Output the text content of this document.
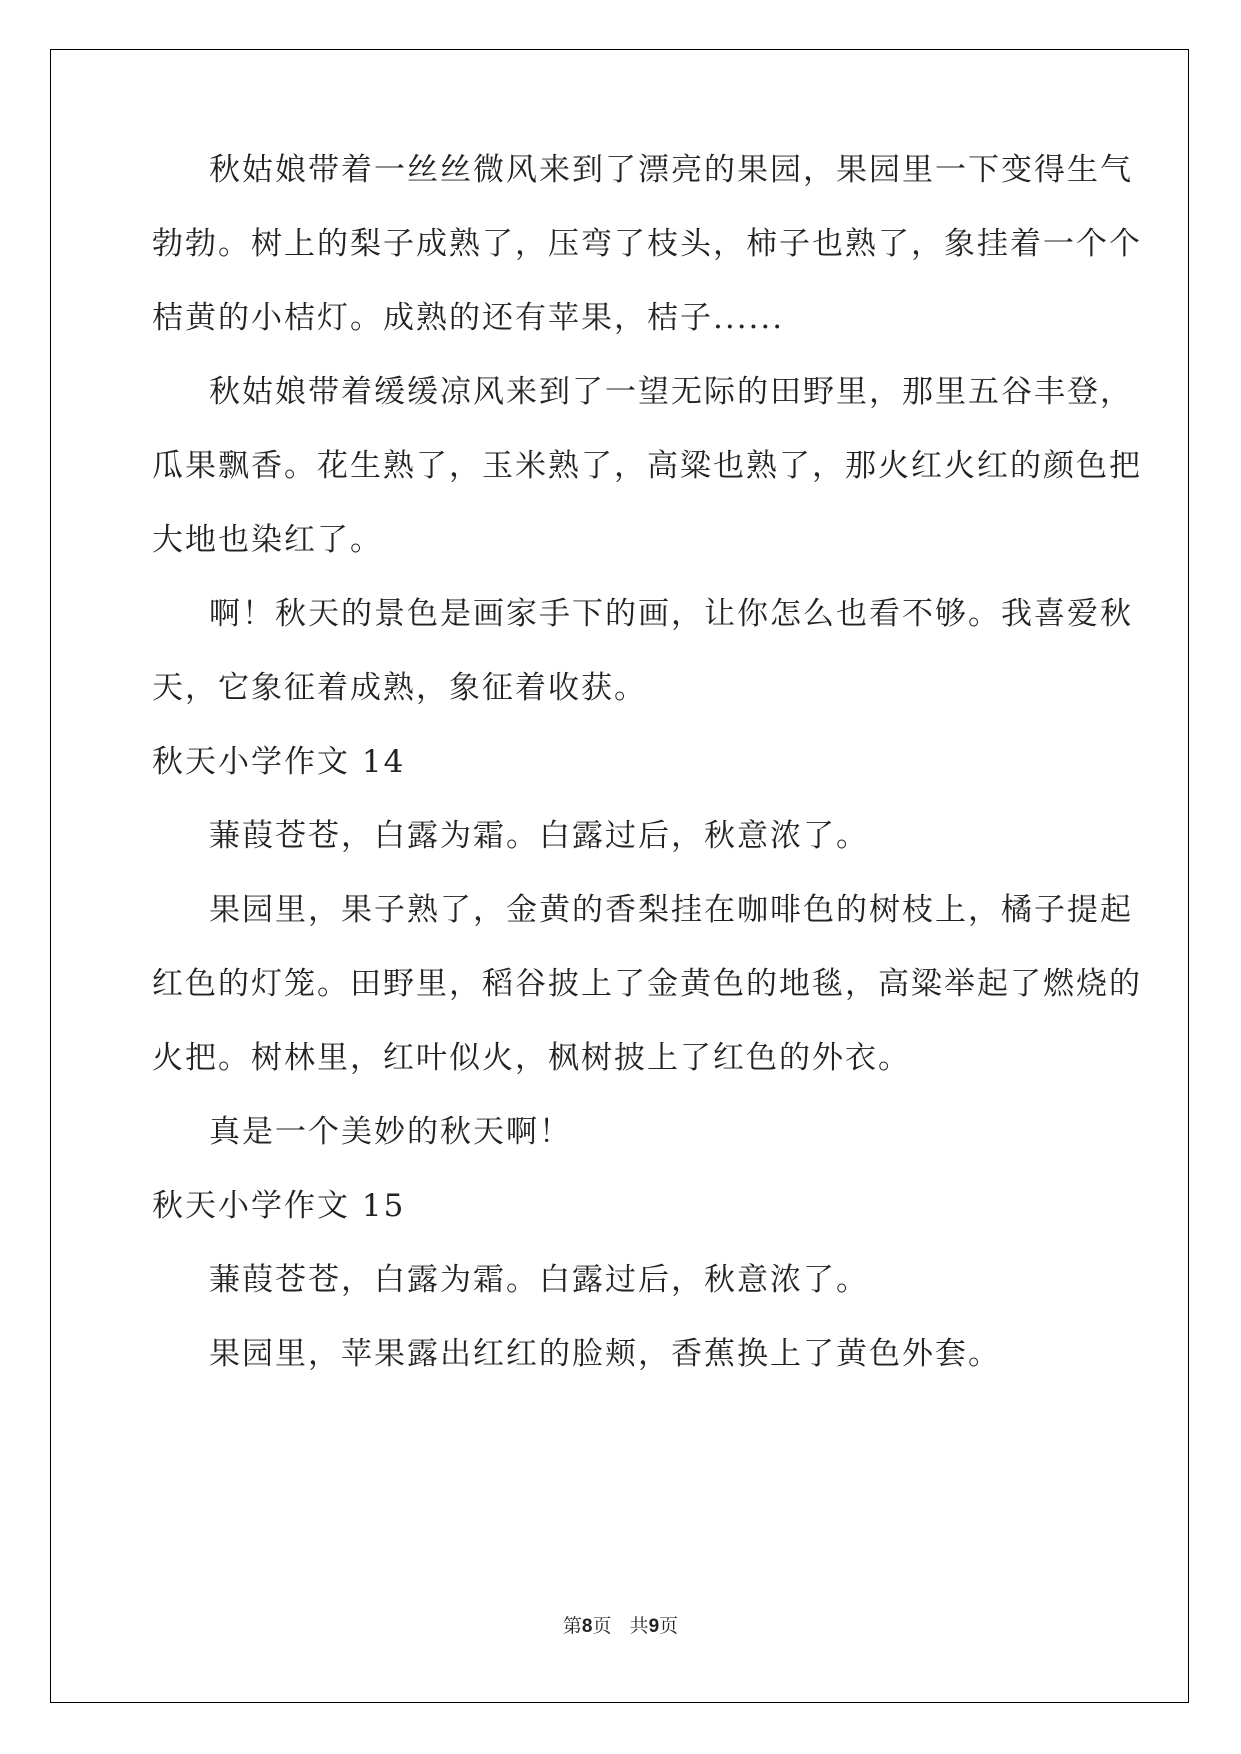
秋姑娘带着一丝丝微风来到了漂亮的果园，果园里一下变得生气
勃勃。树上的梨子成熟了，压弯了枝头，柿子也熟了，象挂着一个个
桔黄的小桔灯。成熟的还有苹果，桔子......
秋姑娘带着缓缓凉风来到了一望无际的田野里，那里五谷丰登，
瓜果飘香。花生熟了，玉米熟了，高粱也熟了，那火红火红的颜色把
大地也染红了。
啊！秋天的景色是画家手下的画，让你怎么也看不够。我喜爱秋
天，它象征着成熟，象征着收获。
秋天小学作文 14
蒹葭苍苍，白露为霜。白露过后，秋意浓了。
果园里，果子熟了，金黄的香梨挂在咖啡色的树枝上，橘子提起
红色的灯笼。田野里，稻谷披上了金黄色的地毯，高粱举起了燃烧的
火把。树林里，红叶似火，枫树披上了红色的外衣。
真是一个美妙的秋天啊！
秋天小学作文 15
蒹葭苍苍，白露为霜。白露过后，秋意浓了。
果园里，苹果露出红红的脸颊，香蕉换上了黄色外套。
第8页   共9页
